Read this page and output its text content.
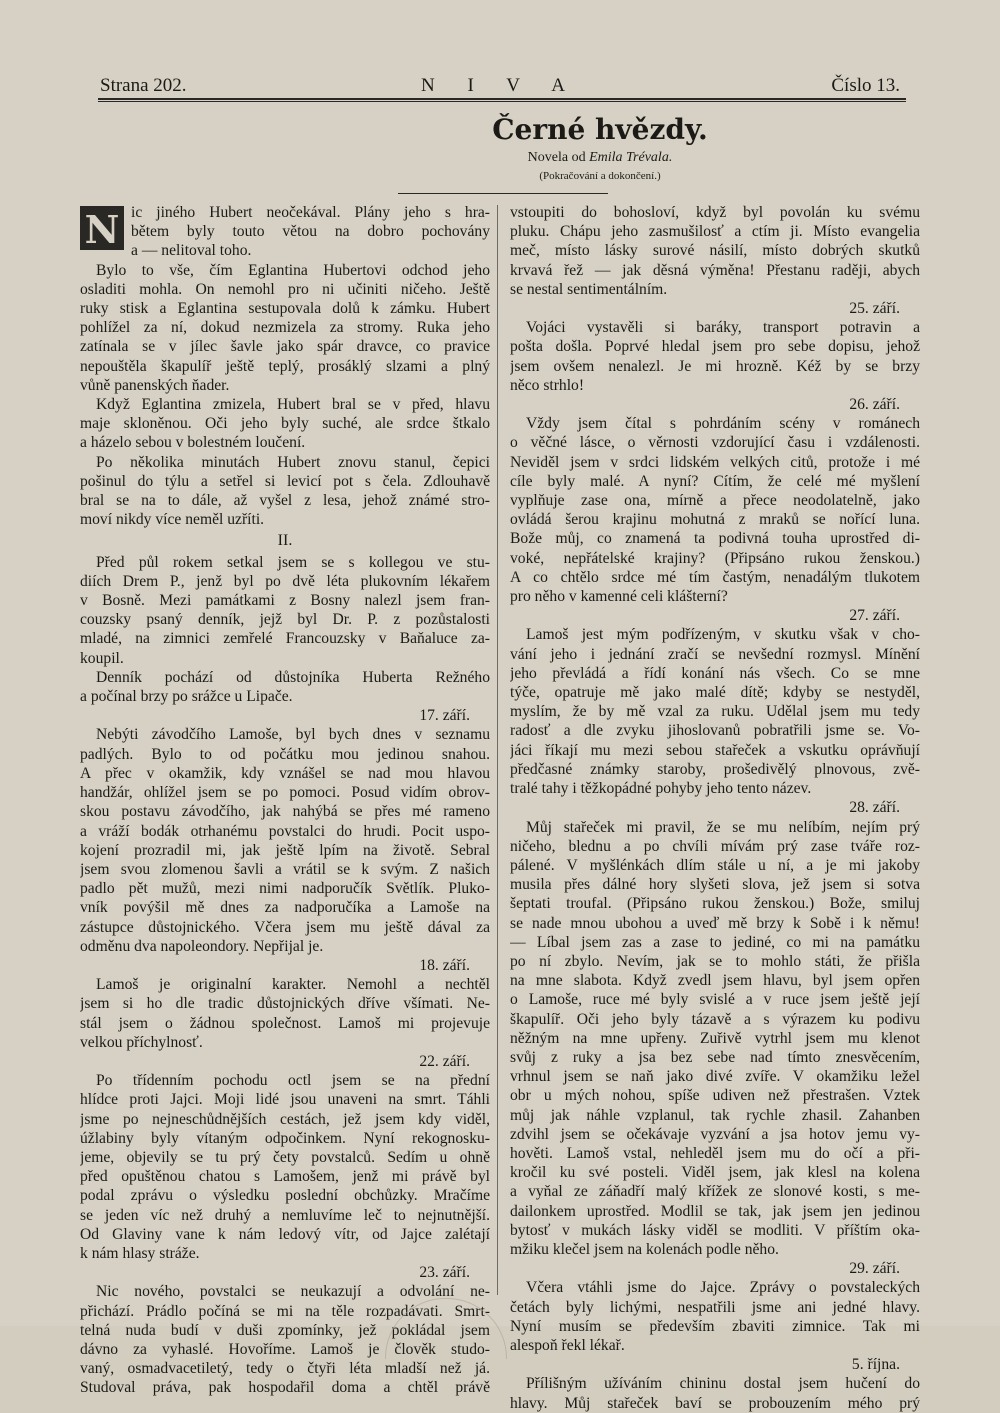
Strana 202.	N I V A	Číslo 13.
Černé hvězdy.
Novela od Emila Trévala.
(Pokračování a dokončení.)
N ic jiného Hubert neočekával. Plány jeho s hra-
bětem byly touto větou na dobro pochovány
a — nelitoval toho.
Bylo to vše, čím Eglantina Hubertovi odchod jeho
osladiti mohla. On nemohl pro ni učiniti ničeho. Ještě
ruky stisk a Eglantina sestupovala dolů k zámku. Hubert
pohlížel za ní, dokud nezmizela za stromy. Ruka jeho
zatínala se v jílec šavle jako spár dravce, co pravice
nepouštěla škapulíř ještě teplý, prosáklý slzami a plný
vůně panenských ňader.
Když Eglantina zmizela, Hubert bral se v před, hlavu
maje skloněnou. Oči jeho byly suché, ale srdce štkalo
a házelo sebou v bolestném loučení.
Po několika minutách Hubert znovu stanul, čepici
pošinul do týlu a setřel si levicí pot s čela. Zdlouhavě
bral se na to dále, až vyšel z lesa, jehož známé stro-
moví nikdy více neměl uzříti.
II.
Před půl rokem setkal jsem se s kollegou ve stu-
diích Drem P., jenž byl po dvě léta plukovním lékařem
v Bosně. Mezi památkami z Bosny nalezl jsem fran-
couzsky psaný denník, jejž byl Dr. P. z pozůstalosti
mladé, na zimnici zemřelé Francouzsky v Baňaluce za-
koupil.
Denník pochází od důstojníka Huberta Režného
a počínal brzy po srážce u Lipače.
17. září.
Nebýti závodčího Lamoše, byl bych dnes v seznamu
padlých. Bylo to od počátku mou jedinou snahou.
A přec v okamžik, kdy vznášel se nad mou hlavou
handžár, ohlížel jsem se po pomoci. Posud vidím obrov-
skou postavu závodčího, jak nahýbá se přes mé rameno
a vráží bodák otrhanému povstalci do hrudi. Pocit uspo-
kojení prozradil mi, jak ještě lpím na životě. Sebral
jsem svou zlomenou šavli a vrátil se k svým. Z našich
padlo pět mužů, mezi nimi nadporučík Světlík. Pluko-
vník povýšil mě dnes za nadporučíka a Lamoše na
zástupce důstojnického. Včera jsem mu ještě dával za
odměnu dva napoleondory. Nepřijal je.
18. září.
Lamoš je originalní karakter. Nemohl a nechtěl
jsem si ho dle tradic důstojnických dříve všímati. Ne-
stál jsem o žádnou společnost. Lamoš mi projevuje
velkou příchylnosť.
22. září.
Po třídenním pochodu octl jsem se na přední
hlídce proti Jajci. Moji lidé jsou unaveni na smrt. Táhli
jsme po nejneschůdnějších cestách, jež jsem kdy viděl,
úžlabiny byly vítaným odpočinkem. Nyní rekognosku-
jeme, objevily se tu prý čety povstalců. Sedím u ohně
před opuštěnou chatou s Lamošem, jenž mi právě byl
podal zprávu o výsledku poslední obchůzky. Mračíme
se jeden víc než druhý a nemluvíme leč to nejnutnější.
Od Glaviny vane k nám ledový vítr, od Jajce zalétají
k nám hlasy stráže.
23. září.
Nic nového, povstalci se neukazují a odvolání ne-
přichází. Prádlo počíná se mi na těle rozpadávati. Smrt-
telná nuda budí v duši zpomínky, jež pokládal jsem
dávno za vyhaslé. Hovoříme. Lamoš je člověk studo-
vaný, osmadvacetiletý, tedy o čtyři léta mladší než já.
Studoval práva, pak hospodařil doma a chtěl právě
vstoupiti do bohosloví, když byl povolán ku svému
pluku. Chápu jeho zasmušilosť a ctím ji. Místo evangelia
meč, místo lásky surové násilí, místo dobrých skutků
krvavá řež — jak děsná výměna! Přestanu raději, abych
se nestal sentimentálním.
25. září.
Vojáci vystavěli si baráky, transport potravin a
pošta došla. Poprvé hledal jsem pro sebe dopisu, jehož
jsem ovšem nenalezl. Je mi hrozně. Kéž by se brzy
něco strhlo!
26. září.
Vždy jsem čítal s pohrdáním scény v románech
o věčné lásce, o věrnosti vzdorující času i vzdálenosti.
Neviděl jsem v srdci lidském velkých citů, protože i mé
cíle byly malé. A nyní? Cítím, že celé mé myšlení
vyplňuje zase ona, mírně a přece neodolatelně, jako
ovládá šerou krajinu mohutná z mraků se nořící luna.
Bože můj, co znamená ta podivná touha uprostřed di-
voké, nepřátelské krajiny? (Připsáno rukou ženskou.)
A co chtělo srdce mé tím častým, nenadálým tlukotem
pro něho v kamenné celi klášterní?
27. září.
Lamoš jest mým podřízeným, v skutku však v cho-
vání jeho i jednání zračí se nevšední rozmysl. Mínění
jeho převládá a řídí konání nás všech. Co se mne
týče, opatruje mě jako malé dítě; kdyby se nestyděl,
myslím, že by mě vzal za ruku. Udělal jsem mu tedy
radosť a dle zvyku jihoslovanů pobratřili jsme se. Vo-
jáci říkají mu mezi sebou stařeček a vskutku oprávňují
předčasné známky staroby, prošedivělý plnovous, zvě-
tralé tahy i těžkopádné pohyby jeho tento název.
28. září.
Můj stařeček mi pravil, že se mu nelíbím, nejím prý
ničeho, blednu a po chvíli mívám prý zase tváře roz-
pálené. V myšlénkách dlím stále u ní, a je mi jakoby
musila přes dálné hory slyšeti slova, jež jsem si sotva
šeptati troufal. (Připsáno rukou ženskou.) Bože, smiluj
se nade mnou ubohou a uveď mě brzy k Sobě i k němu!
— Líbal jsem zas a zase to jediné, co mi na památku
po ní zbylo. Nevím, jak se to mohlo státi, že přišla
na mne slabota. Když zvedl jsem hlavu, byl jsem opřen
o Lamoše, ruce mé byly svislé a v ruce jsem ještě její
škapulíř. Oči jeho byly tázavě a s výrazem ku podivu
něžným na mne upřeny. Zuřivě vytrhl jsem mu klenot
svůj z ruky a jsa bez sebe nad tímto znesvěcením,
vrhnul jsem se naň jako divé zvíře. V okamžiku ležel
obr u mých nohou, spíše udiven než přestrašen. Vztek
můj jak náhle vzplanul, tak rychle zhasil. Zahanben
zdvihl jsem se očekávaje vyzvání a jsa hotov jemu vy-
hověti. Lamoš vstal, nehleděl jsem mu do očí a při-
kročil ku své posteli. Viděl jsem, jak klesl na kolena
a vyňal ze záňadří malý křížek ze slonové kosti, s me-
dailonkem uprostřed. Modlil se tak, jak jsem jen jedinou
bytosť v mukách lásky viděl se modliti. V příštím oka-
mžiku klečel jsem na kolenách podle něho.
29. září.
Včera vtáhli jsme do Jajce. Zprávy o povstaleckých
četách byly lichými, nespatřili jsme ani jedné hlavy.
Nyní musím se především zbaviti zimnice. Tak mi
alespoň řekl lékař.
5. října.
Přílišným užíváním chininu dostal jsem hučení do
hlavy. Můj stařeček baví se probouzením mého prý
